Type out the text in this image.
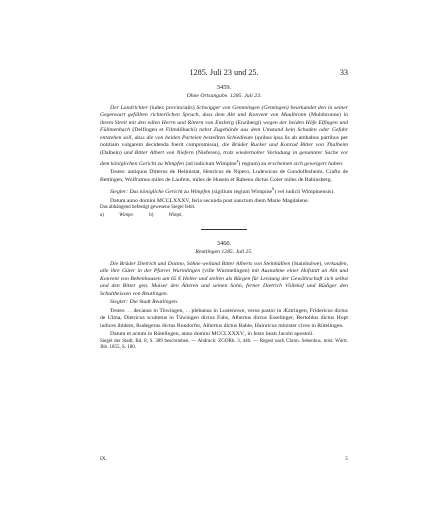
1285. Juli 23 und 25.	33
3459.
Ohne Ortsangabe. 1285. Juli 23.

Der Landrichter (iudex provincialis) Schwigger von Gemmingen (Gemingen) beurkundet den in seiner Gegenwart gefällten richterlichen Spruch, dass dem Abt und Konvent von Maulbronn (Mulnbrunne) in ihrem Streit mit den edlen Herrn und Rittern von Enzberg (Enzibergi) wegen der beiden Höfe Elfingen und Füllmenbach (Delfingen et Filmdilbachi) nebst Zugehörde aus dem Umstand kein Schaden oder Gefahr entstehen soll, dass die von beiden Parteien bestellten Schiedleute (quibus ipsa lis ab ambabus partibus per notitiam vulgarem decidenda foerit compromissa), die Brüder Rucker und Konrad Bitter von Thalheim (Dalhein) und Bitter Albert von Niefern (Nieferen), trotz wiederholter Vorladung in genannter Sache vor dem königlichen Gericht zu Wimpfen (ad iudicium Wimpine$^a$) regium) zu erscheinen sich geweigert haben.

Testes: antiquus Ditterus de Helmistat, Henricus de Nipero, Ludewicus de Gundolfesheim, Crafto de Bettingen, Wolframus miles de Laufein, miles de Husein et Rabeno dictus Goler miles de Rabinsberg.

Siegler: Das königliche Gericht zu Wimpfen (sigillum regium Wimpine$^b$) vel iudicii Wimpinensis).

Datum anno domini MCCLXXXV, feria secunda post sanctum diem Marie Magdalene.

Das abhängend befestigt gewesene Siegel fehlt.
a)	Wimpe.	b)	Wimpi.
3460.
Reutlingen 1285. Juli 25.

Die Brüder Dietrich und Dozmo, Söhne weiland Bitter Alberts von Steinhülben (Stainhulwe), verkaufen, alle ihre Güter in der Pfarrei Wurmlingen (ville Wurmelingen) mit Ausnahme einer Hofstatt an Abt und Konvent von Bebenhausen um 65 € Heller und stellen als Bürgen für Leistung der Gewährschaft sich selbst und den Bitter gen. Maiser den Älteren und seinen Sohn, ferner Dietrich Völlekof und Rüdiger den Schultheissen von Reutlingen.

Siegler: Die Stadt Reutlingen.

Testes: . . decanus in Tüwingen, . . plebanus in Lustenowe, verus pastor in Æztringen, Fridericus dictus de Ulma, Dietricus scultetus in Tüwingen dictus Fuhs, Albertus dictus Esselinger, Bertoldus dictus Hopt iudices ibidem, Rudegerus dictus Bondorfer, Albertus dictus Bahte, Hainricus minister cives in Rütelingen.

Datum et actum in Rütelingen, anno domini MCCLXXXV., in festo beati Jacobi apostoli.

Siegel der Stadt, Bd. 8, S. 389 beschrieben. — Abdruck: ZGORh. 3, 446. — Regest nach Chron. Sebenhus. mist. Württ. Jhb. 1855, S. 180.
IX.	5
